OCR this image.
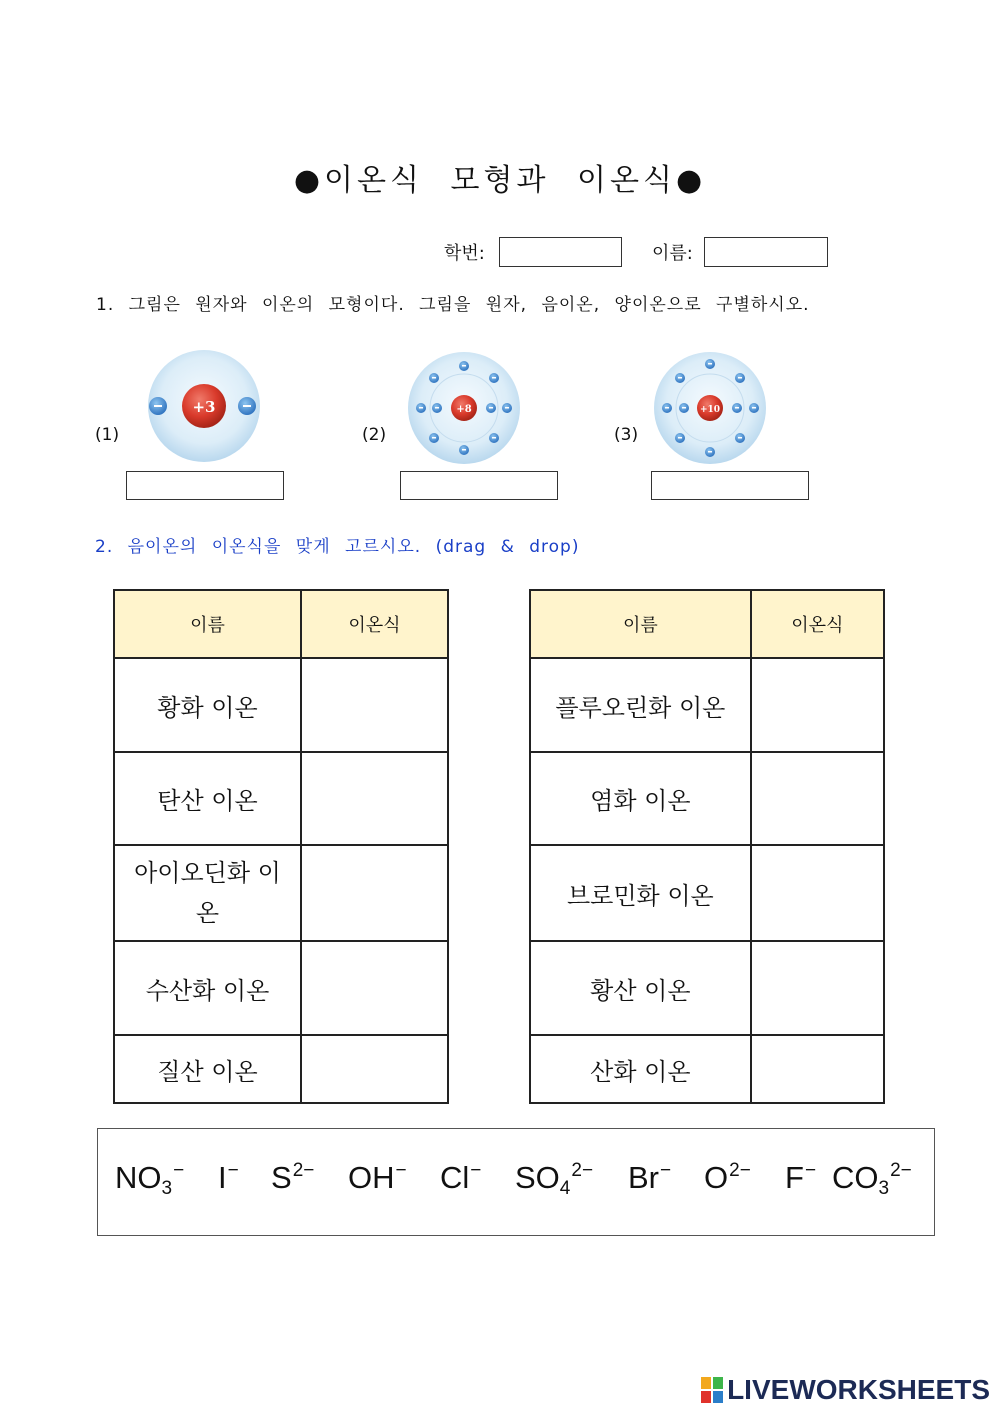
●이온식 모형과 이온식●
학번:	이름:
1. 그림은 원자와 이온의 모형이다. 그림을 원자, 음이온, 양이온으로 구별하시오.
(1)	(2)	(3)
+3	+8	+10
2. 음이온의 이온식을 맞게 고르시오. (drag & drop)
이름	이온식
황화 이온	
탄산 이온	
아이오딘화 이온	
수산화 이온	
질산 이온	
이름	이온식
플루오린화 이온	
염화 이온	
브로민화 이온	
황산 이온	
산화 이온	
$NO_3^-$ I− $S^{2-}$ OH− Cl− $SO_4^{2-}$ Br− $O^{2-}$ F− $CO_3^{2-}$
LIVEWORKSHEETS
